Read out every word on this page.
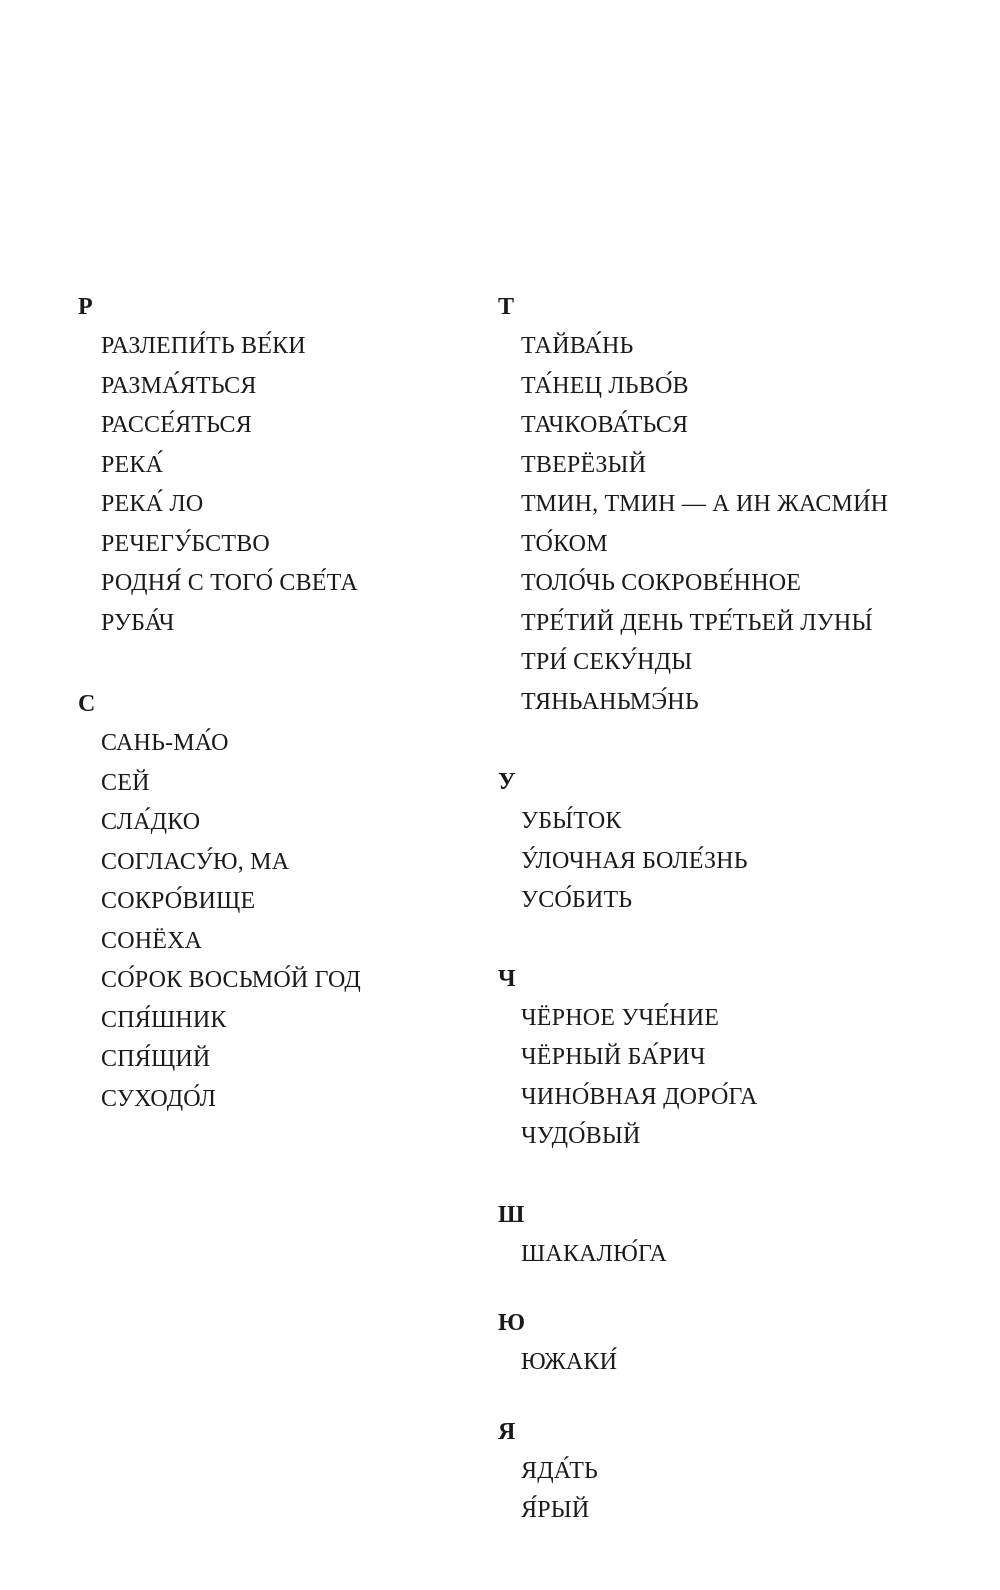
Р
РАЗЛЕПИ́ТЬ ВЕ́КИ
РАЗМА́ЯТЬСЯ
РАССЕ́ЯТЬСЯ
РЕКА́
РЕКА́ ЛО
РЕЧЕГУ́БСТВО
РОДНЯ́ С ТОГО́ СВЕ́ТА
РУБА́Ч
С
САНЬ-МА́О
СЕЙ
СЛА́ДКО
СОГЛАСУ́Ю, МА
СОКРО́ВИЩЕ
СОНЁХА
СО́РОК ВОСЬМО́Й ГОД
СПЯ́ШНИК
СПЯ́ЩИЙ
СУХОДО́Л
Т
ТАЙВА́НЬ
ТА́НЕЦ ЛЬВО́В
ТАЧКОВА́ТЬСЯ
ТВЕРЁЗЫЙ
ТМИН, ТМИН — А ИН ЖАСМИ́Н
ТО́КОМ
ТОЛО́ЧЬ СОКРОВЕ́ННОЕ
ТРЕ́ТИЙ ДЕНЬ ТРЕ́ТЬЕЙ ЛУНЫ́
ТРИ́ СЕКУ́НДЫ
ТЯНЬАНЬМЭ́НЬ
У
УБЫ́ТОК
У́ЛОЧНАЯ БОЛЕ́ЗНЬ
УСО́БИТЬ
Ч
ЧЁРНОЕ УЧЕ́НИЕ
ЧЁРНЫЙ БА́РИЧ
ЧИНО́ВНАЯ ДОРО́ГА
ЧУДО́ВЫЙ
Ш
ШАКАЛЮ́ГА
Ю
ЮЖАКИ́
Я
ЯДА́ТЬ
Я́РЫЙ
